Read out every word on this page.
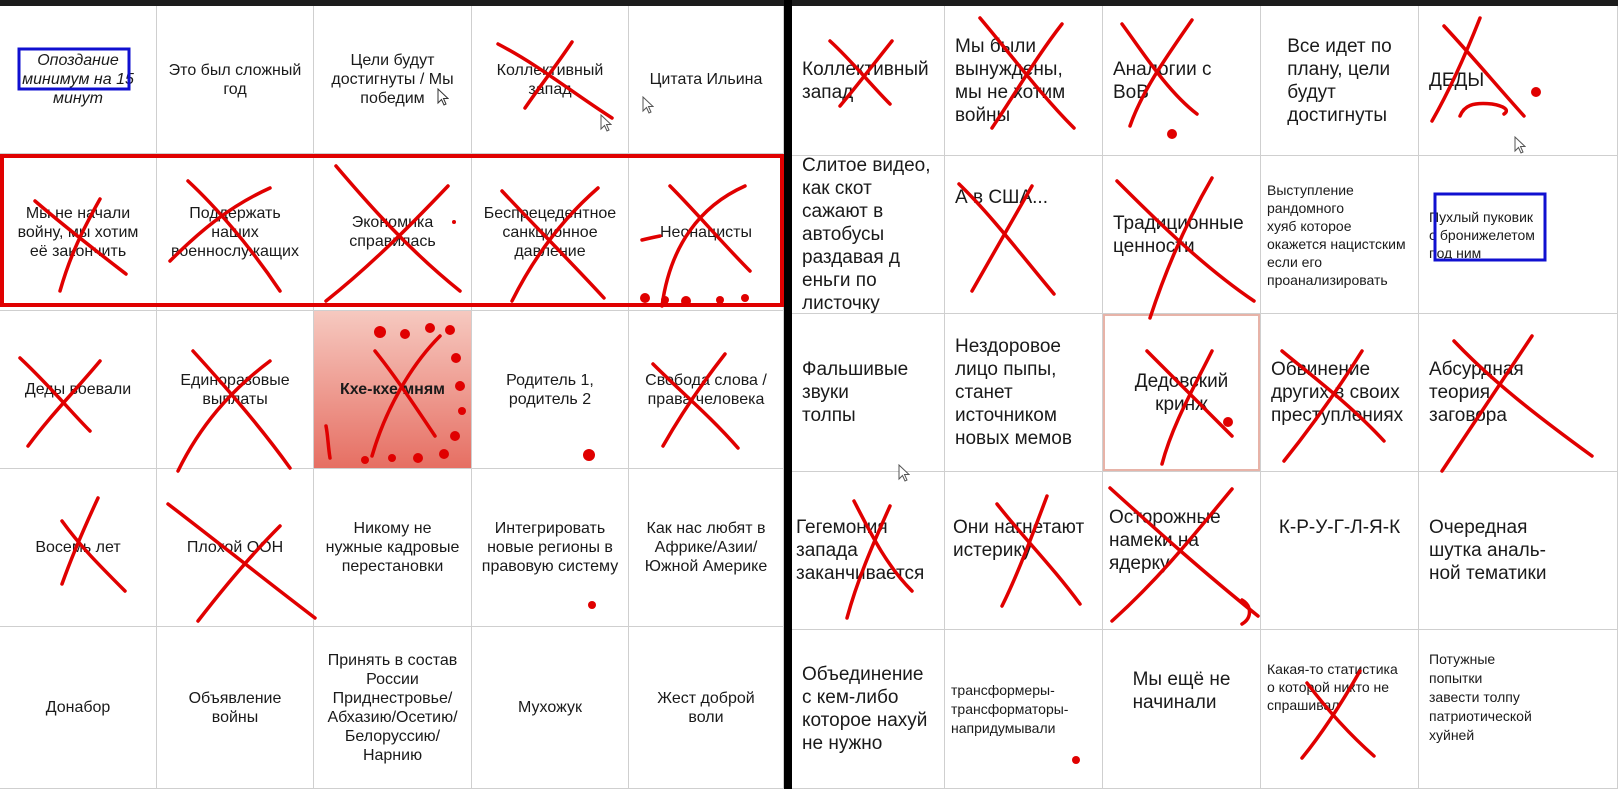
Опоздание
минимум на 15
минут
Это был сложный
год
Цели будут
достигнуты / Мы
победим
Коллективный
запад
Цитата Ильина
Мы не начали
войну, мы хотим
её закончить
Поддержать
наших
военнослужащих
Экономика
справилась
Беспрецедентное
санкционное
давление
Неонацисты
Деды воевали
Единоразовые
выплаты
Кхе-кхе мням
Родитель 1,
родитель 2
Свобода слова /
права человека
Восемь лет	Плохой ООН
Никому не
нужные кадровые
перестановки
Интегрировать
новые регионы в
правовую систему
Как нас любят в
Африке/Азии/
Южной Америке
Донабор
Объявление
войны
Принять в состав
России
Приднестровье/
Абхазию/Осетию/
Белоруссию/
Нарнию
Мухожук
Жест доброй
воли
Коллективный
запад
Мы были
вынуждены,
мы не хотим
войны
Аналогии с ВоВ
Все идет по
плану, цели
будут
достигнуты
ДЕДЫ
Слитое видео,
как скот
сажают в
автобусы
раздавая д
еньги по
листочку
А в США...
Традиционные
ценности
Выступление
рандомного
хуяб которое
окажется нацистским
если его
проанализировать
Пухлый пуковик
с бронижелетом
под ним
Фальшивые
звуки
толпы
Нездоровое
лицо пыпы,
станет
источником
новых мемов
Дедовский
кринж
Обвинение
других в своих
преступлениях
Абсурдная
теория
заговора
Гегемония
запада
заканчивается
Они нагнетают
истерику
Осторожные
намеки на
ядерку
К-Р-У-Г-Л-Я-К Очередная
шутка аналь-
ной тематики
Объединение
с кем-либо
которое нахуй
не нужно
трансформеры-
трансформаторы-
напридумывали
Мы ещё не
начинали
Какая-то статистика
о которой никто не
спрашивал
Потужные
попытки
завести толпу
патриотической
хуйней
